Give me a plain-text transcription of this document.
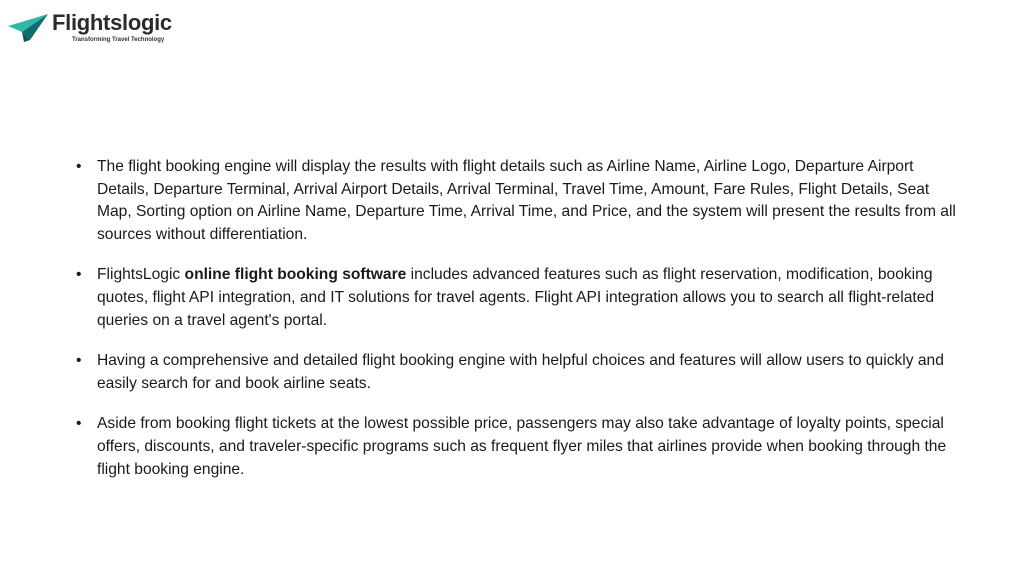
Flightslogic
Transforming Travel Technology
• The flight booking engine will display the results with flight details such as Airline Name, Airline Logo, Departure Airport Details, Departure Terminal, Arrival Airport Details, Arrival Terminal, Travel Time, Amount, Fare Rules, Flight Details, Seat Map, Sorting option on Airline Name, Departure Time, Arrival Time, and Price, and the system will present the results from all sources without differentiation.
• FlightsLogic online flight booking software includes advanced features such as flight reservation, modification, booking quotes, flight API integration, and IT solutions for travel agents. Flight API integration allows you to search all flight-related queries on a travel agent's portal.
• Having a comprehensive and detailed flight booking engine with helpful choices and features will allow users to quickly and easily search for and book airline seats.
• Aside from booking flight tickets at the lowest possible price, passengers may also take advantage of loyalty points, special offers, discounts, and traveler-specific programs such as frequent flyer miles that airlines provide when booking through the flight booking engine.
